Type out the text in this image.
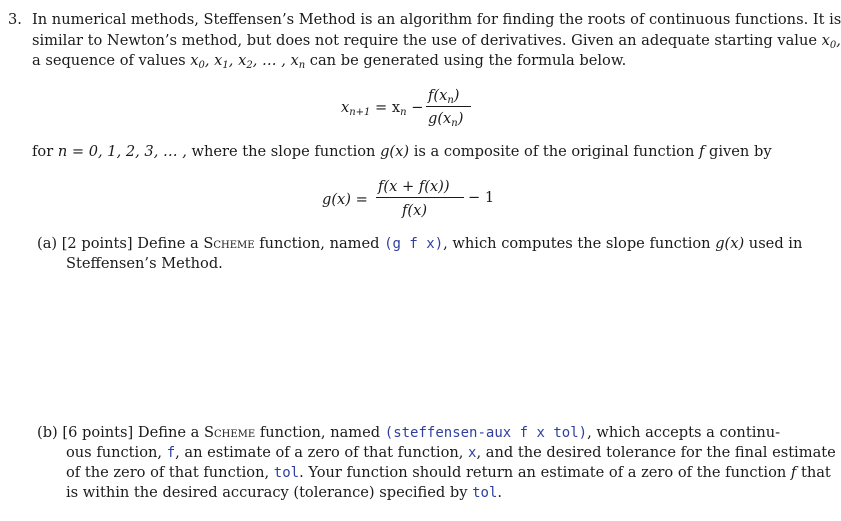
3. In numerical methods, Steffensen’s Method is an algorithm for finding the roots of continuous functions. It is
similar to Newton’s method, but does not require the use of derivatives. Given an adequate starting value $x_0$,
a sequence of values $x_0$, $x_1$, $x_2$, … , $x_n$ can be generated using the formula below.
$x_{n+1} = x_n$ −
$f(x_n)$
$g(x_n)$
for n = 0, 1, 2, 3, … , where the slope function g(x) is a composite of the original function f given by
g(x) =
f(x + f(x))
f(x)
− 1
(a) [2 points] Define a Scheme function, named (g f x), which computes the slope function g(x) used in
Steffensen’s Method.
(b) [6 points] Define a Scheme function, named (steffensen-aux f x tol), which accepts a continu-
ous function, f, an estimate of a zero of that function, x, and the desired tolerance for the final estimate
of the zero of that function, tol. Your function should return an estimate of a zero of the function f that
is within the desired accuracy (tolerance) specified by tol.
